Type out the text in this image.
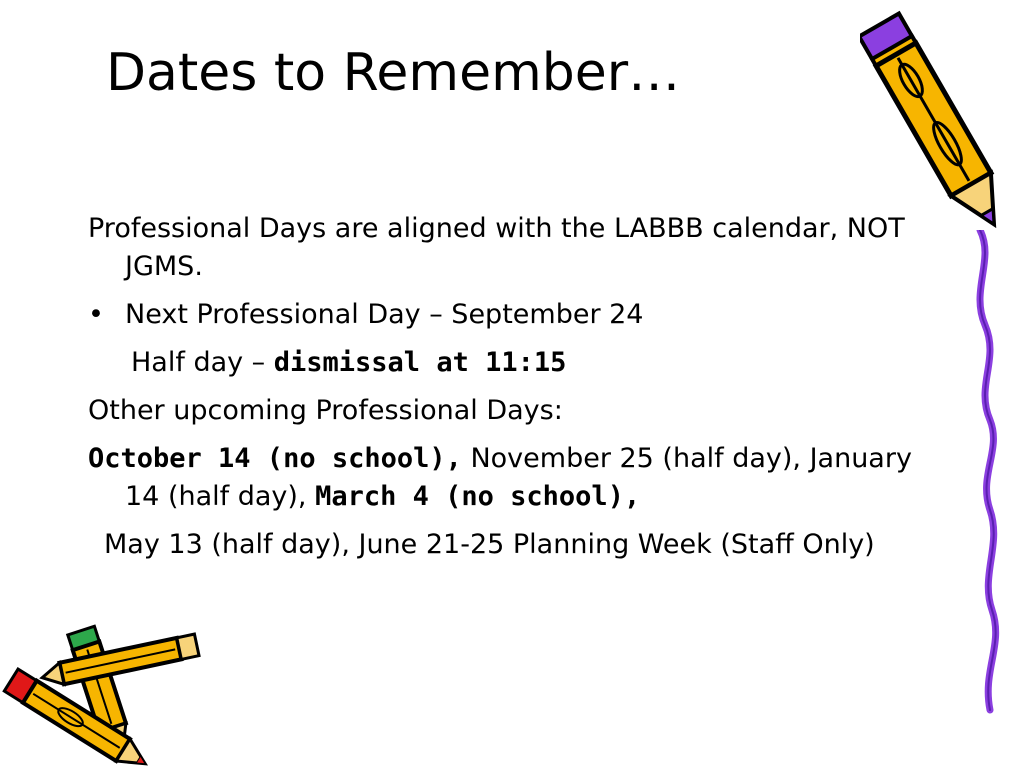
Dates to Remember…

Professional Days are aligned with the LABBB calendar, NOT JGMS.

• Next Professional Day – September 24

Half day – dismissal at 11:15

Other upcoming Professional Days:

October 14 (no school), November 25 (half day), January 14 (half day), March 4 (no school),

May 13 (half day), June 21-25 Planning Week (Staff Only)
